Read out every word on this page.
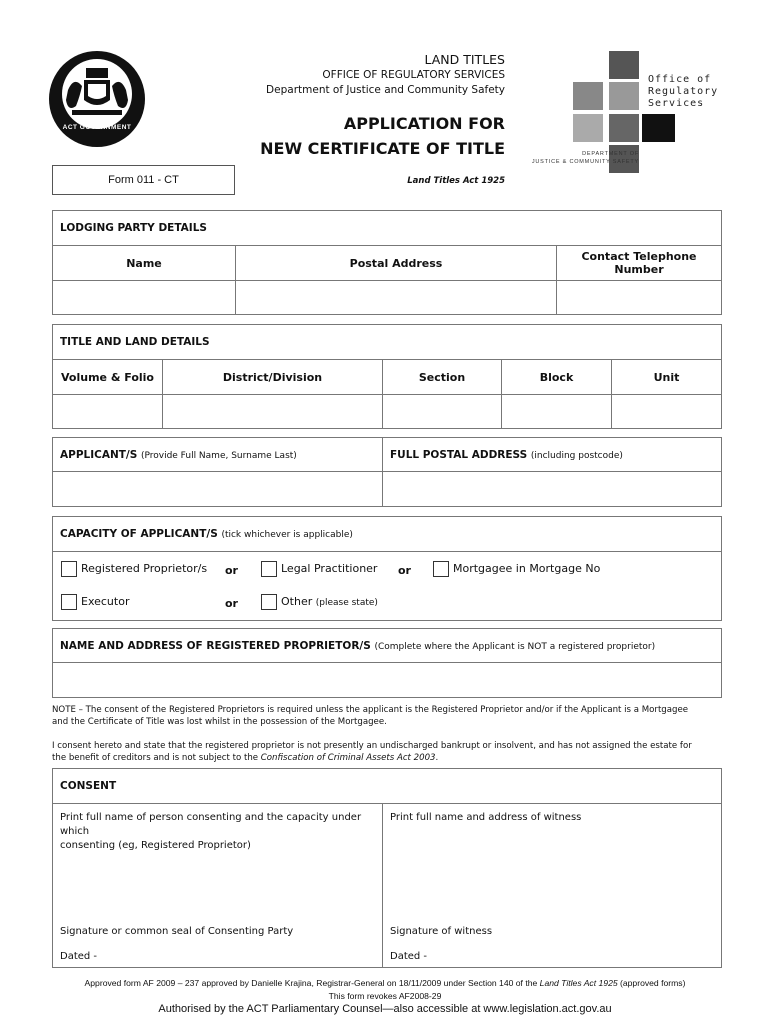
ACT GOVERNMENT
LAND TITLES
OFFICE OF REGULATORY SERVICES
Department of Justice and Community Safety
APPLICATION FOR
NEW CERTIFICATE OF TITLE
Land Titles Act 1925
Form 011 - CT
Office of
Regulatory
Services
DEPARTMENT OF
JUSTICE & COMMUNITY SAFETY
LODGING PARTY DETAILS		
Name	Postal Address	Contact Telephone Number

TITLE AND LAND DETAILS				
Volume & Folio	District/Division	Section	Block	Unit

APPLICANT/S (Provide Full Name, Surname Last)	FULL POSTAL ADDRESS (including postcode)

CAPACITY OF APPLICANT/S (tick whichever is applicable)

Registered Proprietor/s or	Legal Practitioner or	Mortgagee in Mortgage No
Executor	or	Other (please state)
NAME AND ADDRESS OF REGISTERED PROPRIETOR/S (Complete where the Applicant is NOT a registered proprietor)

NOTE – The consent of the Registered Proprietors is required unless the applicant is the Registered Proprietor and/or if the Applicant is a Mortgagee
and the Certificate of Title was lost whilst in the possession of the Mortgagee.
I consent hereto and state that the registered proprietor is not presently an undischarged bankrupt or insolvent, and has not assigned the estate for
the benefit of creditors and is not subject to the Confiscation of Criminal Assets Act 2003.
CONSENT

Print full name of person consenting and the capacity under which
consenting (eg, Registered Proprietor)
Signature or common seal of Consenting Party
Dated -

Print full name and address of witness
Signature of witness
Dated -
Approved form AF 2009 – 237 approved by Danielle Krajina, Registrar-General on 18/11/2009 under Section 140 of the Land Titles Act 1925 (approved forms)
This form revokes AF2008-29
Authorised by the ACT Parliamentary Counsel—also accessible at www.legislation.act.gov.au
